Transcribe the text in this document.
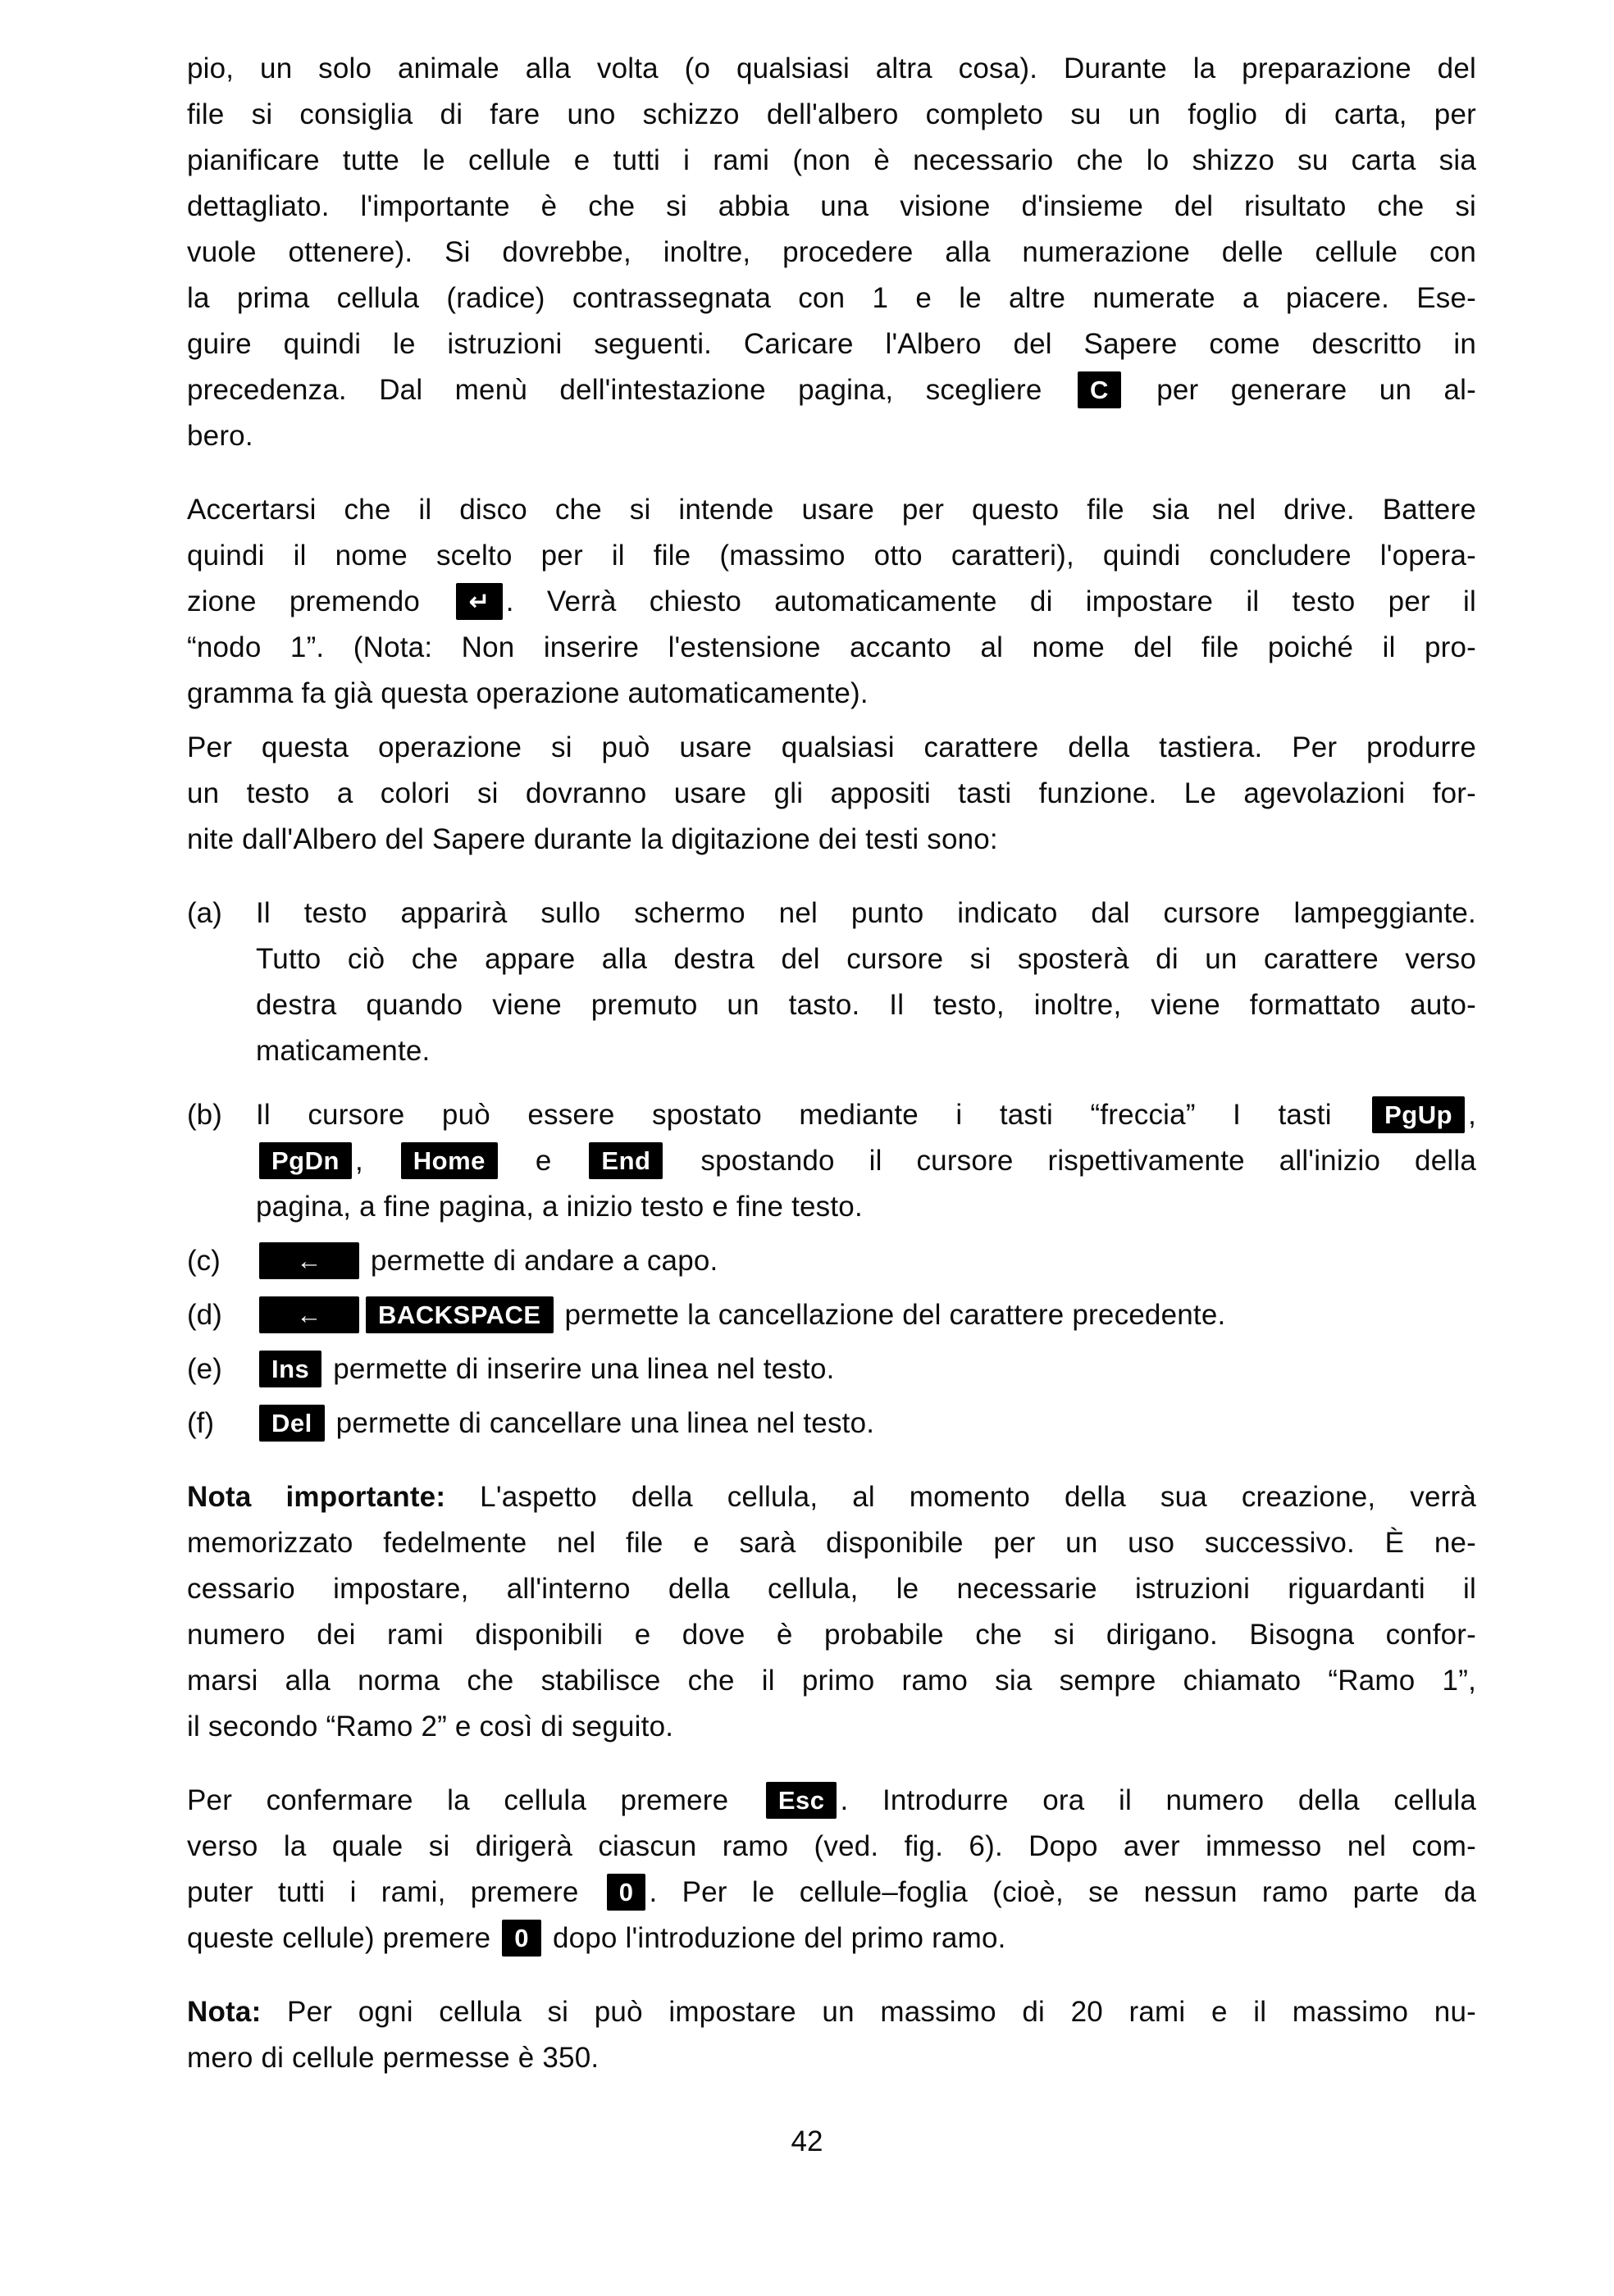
pio, un solo animale alla volta (o qualsiasi altra cosa). Durante la preparazione del
file si consiglia di fare uno schizzo dell'albero completo su un foglio di carta, per
pianificare tutte le cellule e tutti i rami (non è necessario che lo shizzo su carta sia
dettagliato. l'importante è che si abbia una visione d'insieme del risultato che si
vuole ottenere). Si dovrebbe, inoltre, procedere alla numerazione delle cellule con
la prima cellula (radice) contrassegnata con 1 e le altre numerate a piacere. Ese-
guire quindi le istruzioni seguenti. Caricare l'Albero del Sapere come descritto in
precedenza. Dal menù dell'intestazione pagina, scegliere C per generare un al-
bero.
Accertarsi che il disco che si intende usare per questo file sia nel drive. Battere
quindi il nome scelto per il file (massimo otto caratteri), quindi concludere l'opera-
zione premendo ↵ . Verrà chiesto automaticamente di impostare il testo per il
“nodo 1”. (Nota: Non inserire l'estensione accanto al nome del file poiché il pro-
gramma fa già questa operazione automaticamente).
Per questa operazione si può usare qualsiasi carattere della tastiera. Per produrre
un testo a colori si dovranno usare gli appositi tasti funzione. Le agevolazioni for-
nite dall'Albero del Sapere durante la digitazione dei testi sono:
(a)	Il testo apparirà sullo schermo nel punto indicato dal cursore lampeggiante.
Tutto ciò che appare alla destra del cursore si sposterà di un carattere verso
destra quando viene premuto un tasto. Il testo, inoltre, viene formattato auto-
maticamente.
(b)	Il cursore può essere spostato mediante i tasti “freccia” I tasti PgUp ,
PgDn , Home e End spostando il cursore rispettivamente all'inizio della
pagina, a fine pagina, a inizio testo e fine testo.
(c)	← permette di andare a capo.
(d)	← BACKSPACE permette la cancellazione del carattere precedente.
(e)	Ins permette di inserire una linea nel testo.
(f)	Del permette di cancellare una linea nel testo.
Nota importante: L'aspetto della cellula, al momento della sua creazione, verrà
memorizzato fedelmente nel file e sarà disponibile per un uso successivo. È ne-
cessario impostare, all'interno della cellula, le necessarie istruzioni riguardanti il
numero dei rami disponibili e dove è probabile che si dirigano. Bisogna confor-
marsi alla norma che stabilisce che il primo ramo sia sempre chiamato “Ramo 1”,
il secondo “Ramo 2” e così di seguito.
Per confermare la cellula premere Esc . Introdurre ora il numero della cellula
verso la quale si dirigerà ciascun ramo (ved. fig. 6). Dopo aver immesso nel com-
puter tutti i rami, premere 0 . Per le cellule–foglia (cioè, se nessun ramo parte da
queste cellule) premere 0 dopo l'introduzione del primo ramo.
Nota: Per ogni cellula si può impostare un massimo di 20 rami e il massimo nu-
mero di cellule permesse è 350.
42
